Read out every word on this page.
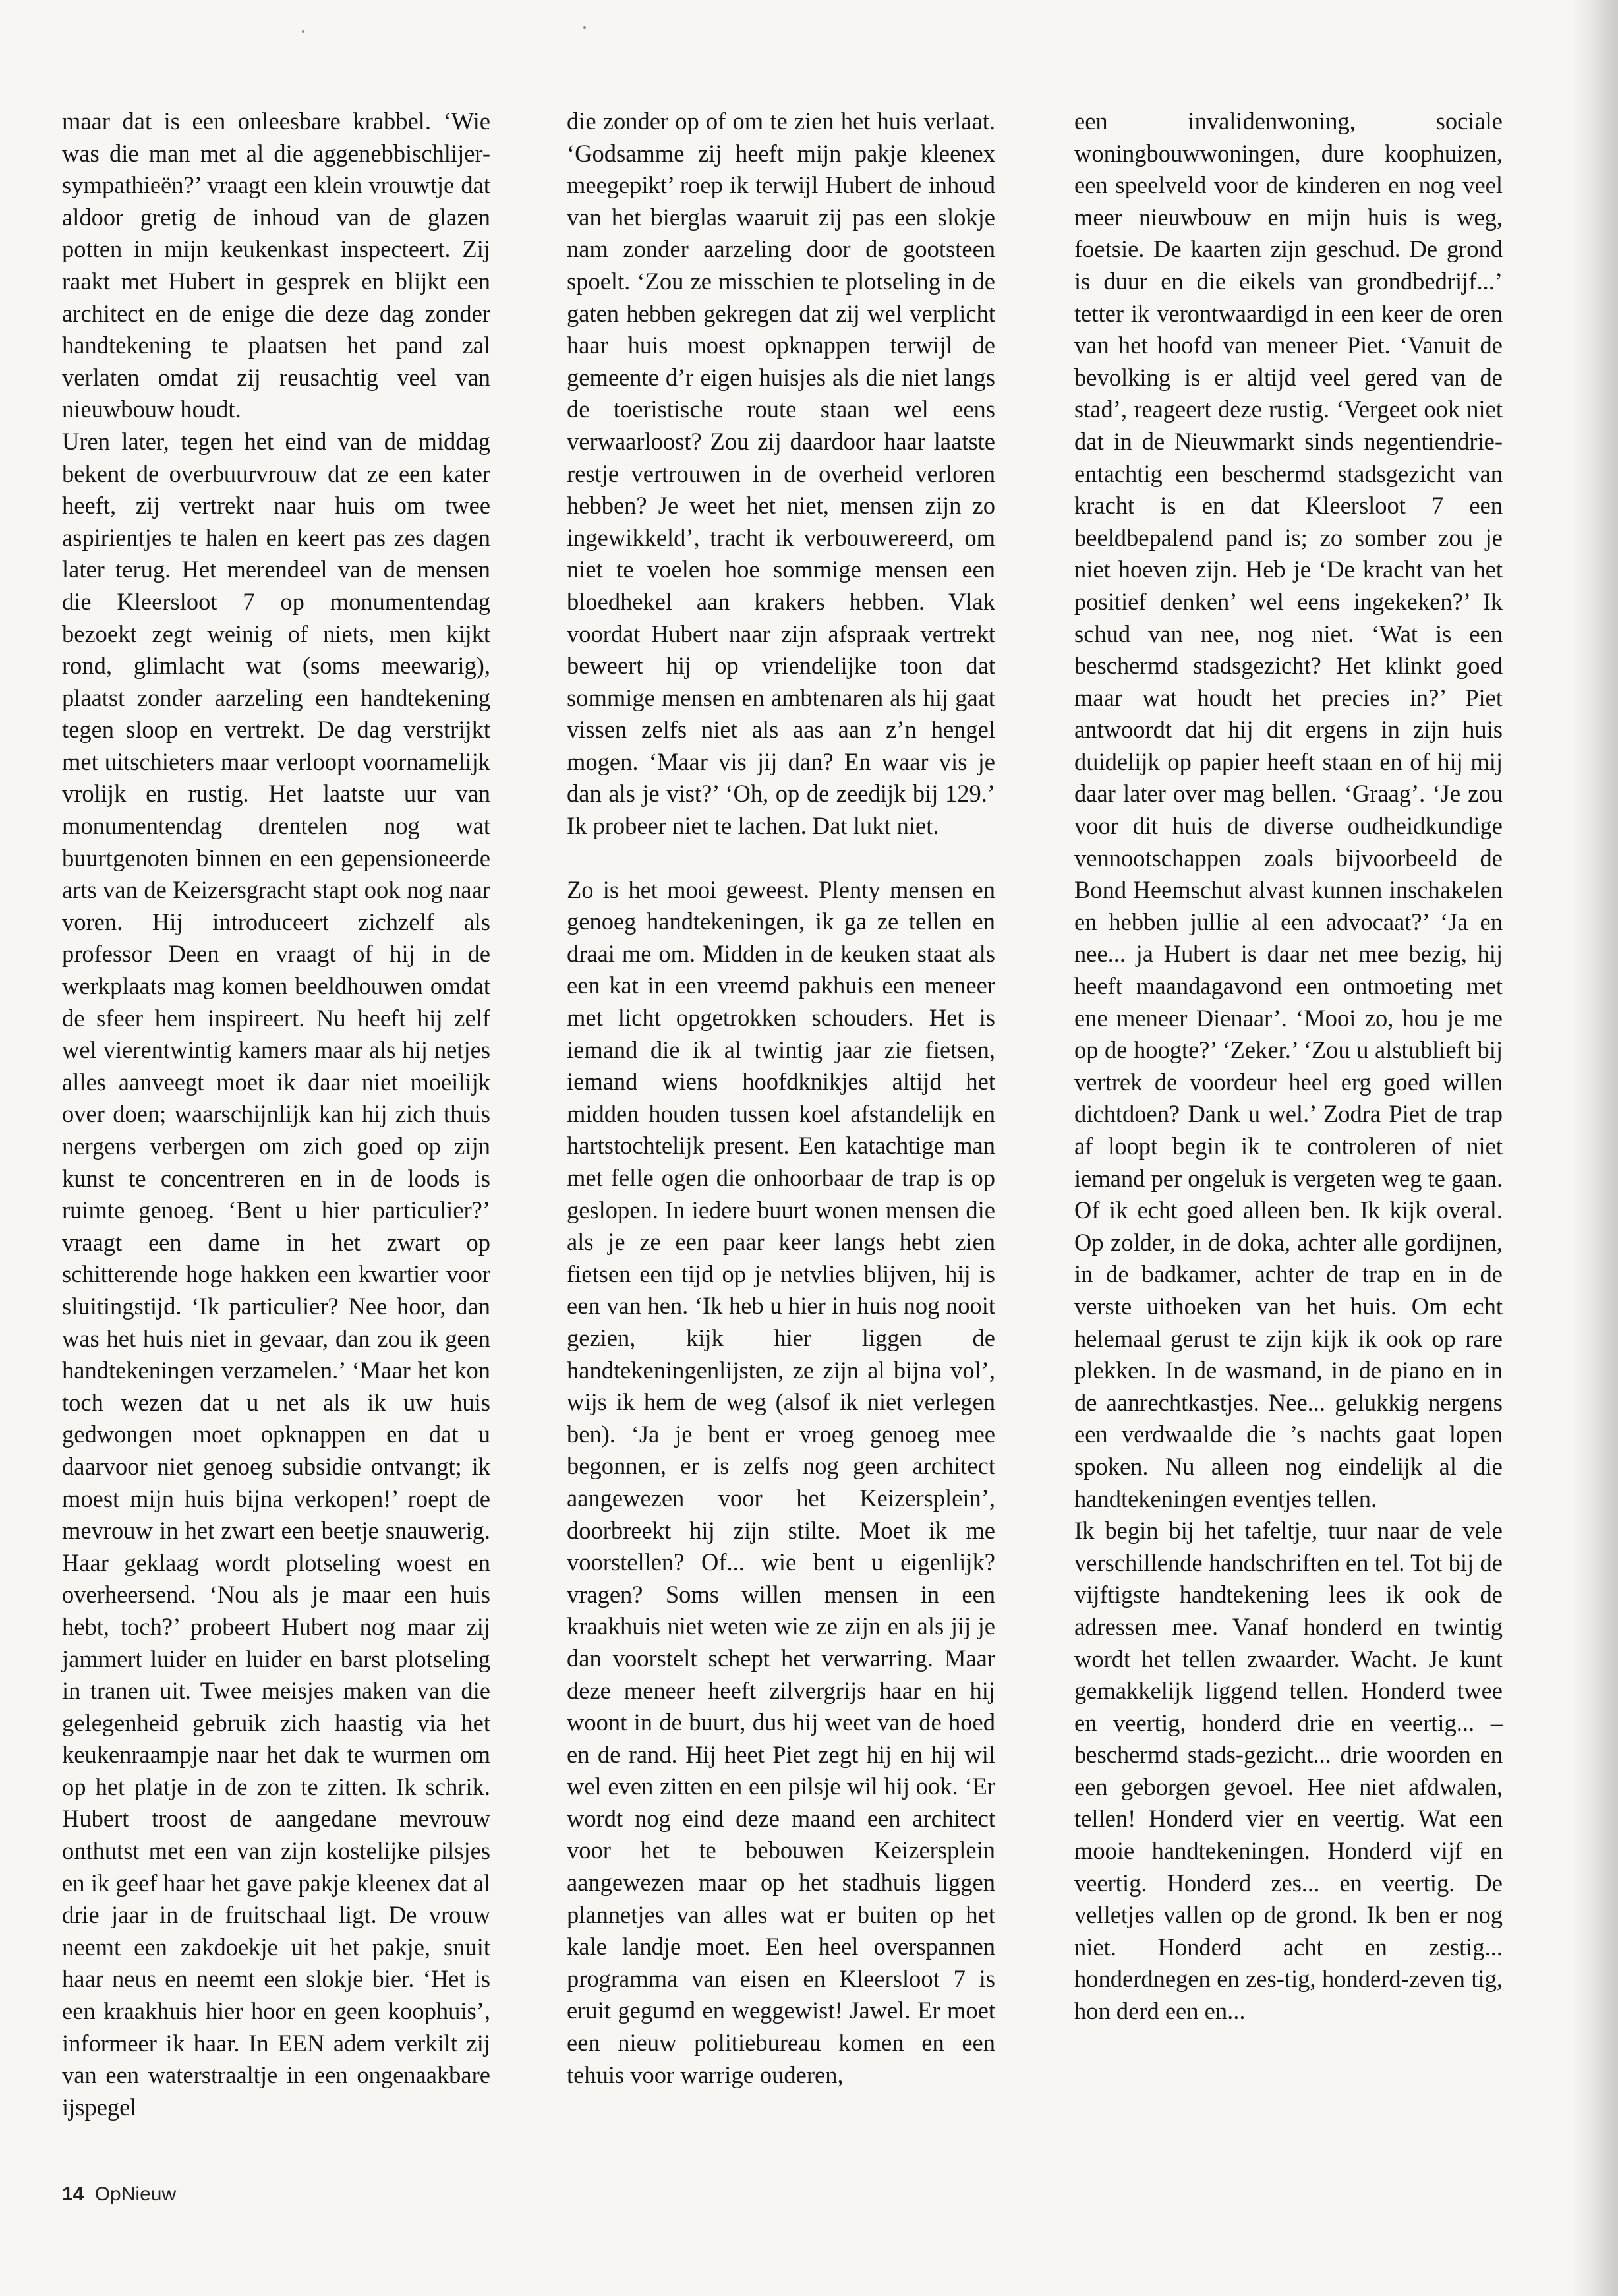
maar dat is een onleesbare krabbel. ‘Wie was die man met al die aggenebbischlijer-sympathieën?’ vraagt een klein vrouwtje dat aldoor gretig de inhoud van de glazen potten in mijn keukenkast inspecteert. Zij raakt met Hubert in gesprek en blijkt een architect en de enige die deze dag zonder handtekening te plaatsen het pand zal verlaten omdat zij reusachtig veel van nieuwbouw houdt.

Uren later, tegen het eind van de middag bekent de overbuurvrouw dat ze een kater heeft, zij vertrekt naar huis om twee aspirientjes te halen en keert pas zes dagen later terug. Het merendeel van de mensen die Kleersloot 7 op monumentendag bezoekt zegt weinig of niets, men kijkt rond, glimlacht wat (soms meewarig), plaatst zonder aarzeling een handtekening tegen sloop en vertrekt. De dag verstrijkt met uitschieters maar verloopt voornamelijk vrolijk en rustig. Het laatste uur van monumentendag drentelen nog wat buurtgenoten binnen en een gepensioneerde arts van de Keizersgracht stapt ook nog naar voren. Hij introduceert zichzelf als professor Deen en vraagt of hij in de werkplaats mag komen beeldhouwen omdat de sfeer hem inspireert. Nu heeft hij zelf wel vierentwintig kamers maar als hij netjes alles aanveegt moet ik daar niet moeilijk over doen; waarschijnlijk kan hij zich thuis nergens verbergen om zich goed op zijn kunst te concentreren en in de loods is ruimte genoeg. ‘Bent u hier particulier?’ vraagt een dame in het zwart op schitterende hoge hakken een kwartier voor sluitingstijd. ‘Ik particulier? Nee hoor, dan was het huis niet in gevaar, dan zou ik geen handtekeningen verzamelen.’ ‘Maar het kon toch wezen dat u net als ik uw huis gedwongen moet opknappen en dat u daarvoor niet genoeg subsidie ontvangt; ik moest mijn huis bijna verkopen!’ roept de mevrouw in het zwart een beetje snauwerig. Haar geklaag wordt plotseling woest en overheersend. ‘Nou als je maar een huis hebt, toch?’ probeert Hubert nog maar zij jammert luider en luider en barst plotseling in tranen uit. Twee meisjes maken van die gelegenheid gebruik zich haastig via het keukenraampje naar het dak te wurmen om op het platje in de zon te zitten. Ik schrik. Hubert troost de aangedane mevrouw onthutst met een van zijn kostelijke pilsjes en ik geef haar het gave pakje kleenex dat al drie jaar in de fruitschaal ligt. De vrouw neemt een zakdoekje uit het pakje, snuit haar neus en neemt een slokje bier. ‘Het is een kraakhuis hier hoor en geen koophuis’, informeer ik haar. In EEN adem verkilt zij van een waterstraaltje in een ongenaakbare ijspegel

die zonder op of om te zien het huis verlaat. ‘Godsamme zij heeft mijn pakje kleenex meegepikt’ roep ik terwijl Hubert de inhoud van het bierglas waaruit zij pas een slokje nam zonder aarzeling door de gootsteen spoelt. ‘Zou ze misschien te plotseling in de gaten hebben gekregen dat zij wel verplicht haar huis moest opknappen terwijl de gemeente d’r eigen huisjes als die niet langs de toeristische route staan wel eens verwaarloost? Zou zij daardoor haar laatste restje vertrouwen in de overheid verloren hebben? Je weet het niet, mensen zijn zo ingewikkeld’, tracht ik verbouwereerd, om niet te voelen hoe sommige mensen een bloedhekel aan krakers hebben. Vlak voordat Hubert naar zijn afspraak vertrekt beweert hij op vriendelijke toon dat sommige mensen en ambtenaren als hij gaat vissen zelfs niet als aas aan z’n hengel mogen. ‘Maar vis jij dan? En waar vis je dan als je vist?’ ‘Oh, op de zeedijk bij 129.’ Ik probeer niet te lachen. Dat lukt niet.

Zo is het mooi geweest. Plenty mensen en genoeg handtekeningen, ik ga ze tellen en draai me om. Midden in de keuken staat als een kat in een vreemd pakhuis een meneer met licht opgetrokken schouders. Het is iemand die ik al twintig jaar zie fietsen, iemand wiens hoofdknikjes altijd het midden houden tussen koel afstandelijk en hartstochtelijk present. Een katachtige man met felle ogen die onhoorbaar de trap is op geslopen. In iedere buurt wonen mensen die als je ze een paar keer langs hebt zien fietsen een tijd op je netvlies blijven, hij is een van hen. ‘Ik heb u hier in huis nog nooit gezien, kijk hier liggen de handtekeningenlijsten, ze zijn al bijna vol’, wijs ik hem de weg (alsof ik niet verlegen ben). ‘Ja je bent er vroeg genoeg mee begonnen, er is zelfs nog geen architect aangewezen voor het Keizersplein’, doorbreekt hij zijn stilte. Moet ik me voorstellen? Of... wie bent u eigenlijk? vragen? Soms willen mensen in een kraakhuis niet weten wie ze zijn en als jij je dan voorstelt schept het verwarring. Maar deze meneer heeft zilvergrijs haar en hij woont in de buurt, dus hij weet van de hoed en de rand. Hij heet Piet zegt hij en hij wil wel even zitten en een pilsje wil hij ook. ‘Er wordt nog eind deze maand een architect voor het te bebouwen Keizersplein aangewezen maar op het stadhuis liggen plannetjes van alles wat er buiten op het kale landje moet. Een heel overspannen programma van eisen en Kleersloot 7 is eruit gegumd en weggewist! Jawel. Er moet een nieuw politiebureau komen en een tehuis voor warrige ouderen,

een invalidenwoning, sociale woningbouwwoningen, dure koophuizen, een speelveld voor de kinderen en nog veel meer nieuwbouw en mijn huis is weg, foetsie. De kaarten zijn geschud. De grond is duur en die eikels van grondbedrijf...’ tetter ik verontwaardigd in een keer de oren van het hoofd van meneer Piet. ‘Vanuit de bevolking is er altijd veel gered van de stad’, reageert deze rustig. ‘Vergeet ook niet dat in de Nieuwmarkt sinds negentiendrie-entachtig een beschermd stadsgezicht van kracht is en dat Kleersloot 7 een beeldbepalend pand is; zo somber zou je niet hoeven zijn. Heb je ‘De kracht van het positief denken’ wel eens ingekeken?’ Ik schud van nee, nog niet. ‘Wat is een beschermd stadsgezicht? Het klinkt goed maar wat houdt het precies in?’ Piet antwoordt dat hij dit ergens in zijn huis duidelijk op papier heeft staan en of hij mij daar later over mag bellen. ‘Graag’. ‘Je zou voor dit huis de diverse oudheidkundige vennootschappen zoals bijvoorbeeld de Bond Heemschut alvast kunnen inschakelen en hebben jullie al een advocaat?’ ‘Ja en nee... ja Hubert is daar net mee bezig, hij heeft maandagavond een ontmoeting met ene meneer Dienaar’. ‘Mooi zo, hou je me op de hoogte?’ ‘Zeker.’ ‘Zou u alstublieft bij vertrek de voordeur heel erg goed willen dichtdoen? Dank u wel.’ Zodra Piet de trap af loopt begin ik te controleren of niet iemand per ongeluk is vergeten weg te gaan. Of ik echt goed alleen ben. Ik kijk overal. Op zolder, in de doka, achter alle gordijnen, in de badkamer, achter de trap en in de verste uithoeken van het huis. Om echt helemaal gerust te zijn kijk ik ook op rare plekken. In de wasmand, in de piano en in de aanrechtkastjes. Nee... gelukkig nergens een verdwaalde die ’s nachts gaat lopen spoken. Nu alleen nog eindelijk al die handtekeningen eventjes tellen.

Ik begin bij het tafeltje, tuur naar de vele verschillende handschriften en tel. Tot bij de vijftigste handtekening lees ik ook de adressen mee. Vanaf honderd en twintig wordt het tellen zwaarder. Wacht. Je kunt gemakkelijk liggend tellen. Honderd twee en veertig, honderd drie en veertig... – beschermd stads-gezicht... drie woorden en een geborgen gevoel. Hee niet afdwalen, tellen! Honderd vier en veertig. Wat een mooie handtekeningen. Honderd vijf en veertig. Honderd zes... en veertig. De velletjes vallen op de grond. Ik ben er nog niet. Honderd acht en zestig... honderdnegen en zes-tig, honderd-zeven tig, hon derd een en...

14 OpNieuw
